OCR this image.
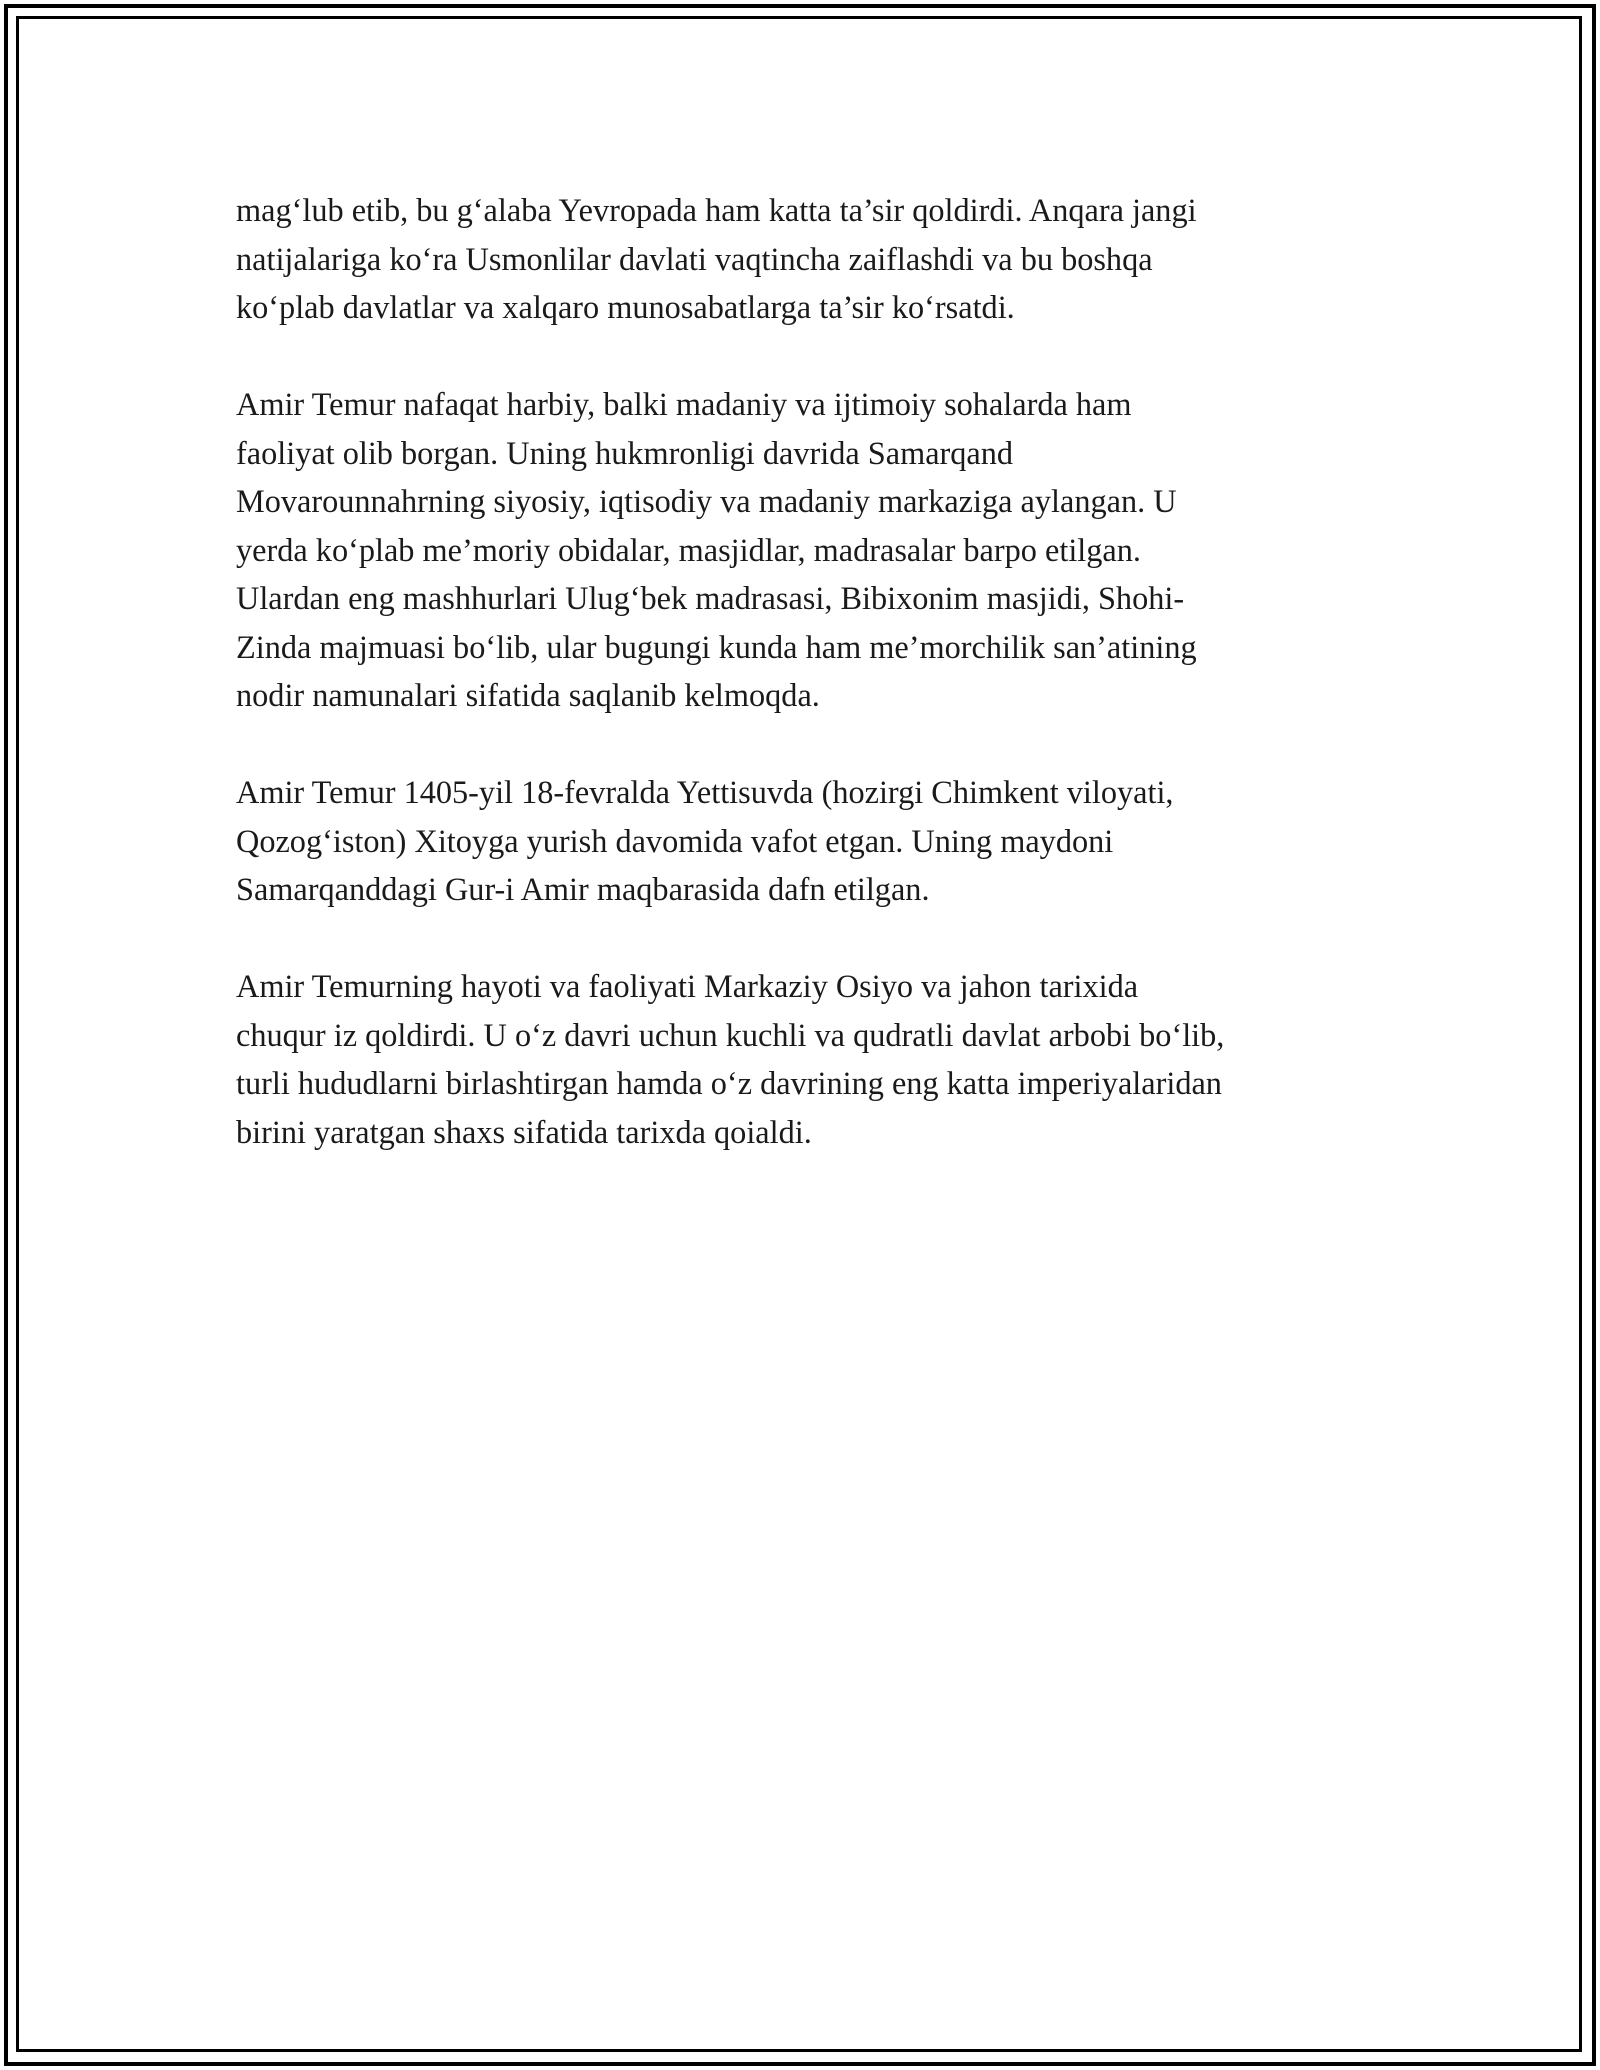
mag‘lub etib, bu g‘alaba Yevropada ham katta ta’sir qoldirdi. Anqara jangi
natijalariga ko‘ra Usmonlilar davlati vaqtincha zaiflashdi va bu boshqa
ko‘plab davlatlar va xalqaro munosabatlarga ta’sir ko‘rsatdi.

Amir Temur nafaqat harbiy, balki madaniy va ijtimoiy sohalarda ham
faoliyat olib borgan. Uning hukmronligi davrida Samarqand
Movarounnahrning siyosiy, iqtisodiy va madaniy markaziga aylangan. U
yerda ko‘plab me’moriy obidalar, masjidlar, madrasalar barpo etilgan.
Ulardan eng mashhurlari Ulug‘bek madrasasi, Bibixonim masjidi, Shohi-
Zinda majmuasi bo‘lib, ular bugungi kunda ham me’morchilik san’atining
nodir namunalari sifatida saqlanib kelmoqda.

Amir Temur 1405-yil 18-fevralda Yettisuvda (hozirgi Chimkent viloyati,
Qozog‘iston) Xitoyga yurish davomida vafot etgan. Uning maydoni
Samarqanddagi Gur-i Amir maqbarasida dafn etilgan.

Amir Temurning hayoti va faoliyati Markaziy Osiyo va jahon tarixida
chuqur iz qoldirdi. U o‘z davri uchun kuchli va qudratli davlat arbobi bo‘lib,
turli hududlarni birlashtirgan hamda o‘z davrining eng katta imperiyalaridan
birini yaratgan shaxs sifatida tarixda qoialdi.
